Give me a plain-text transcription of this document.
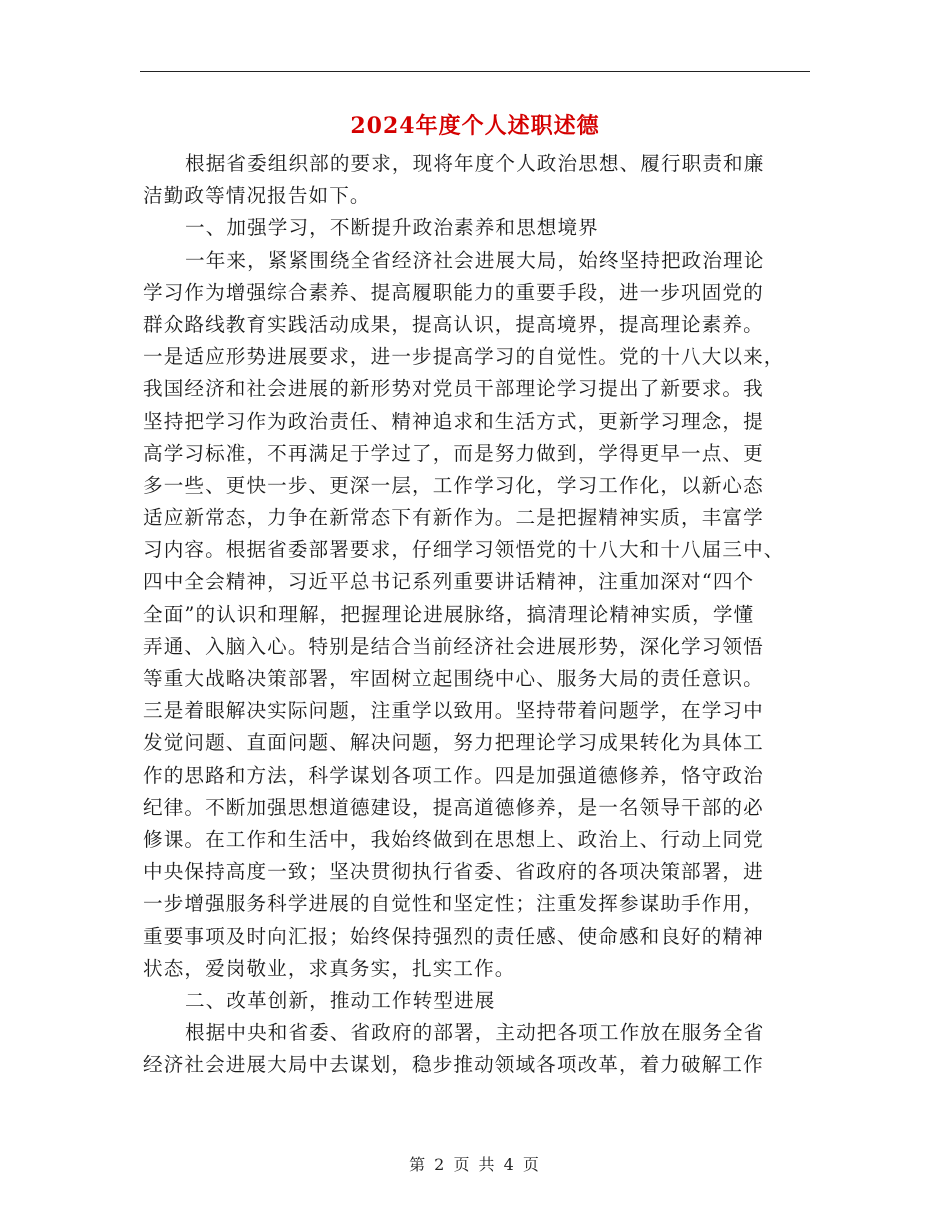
2024年度个人述职述德
根据省委组织部的要求，现将年度个人政治思想、履行职责和廉
洁勤政等情况报告如下。
一、加强学习，不断提升政治素养和思想境界
一年来，紧紧围绕全省经济社会进展大局，始终坚持把政治理论
学习作为增强综合素养、提高履职能力的重要手段，进一步巩固党的
群众路线教育实践活动成果，提高认识，提高境界，提高理论素养。
一是适应形势进展要求，进一步提高学习的自觉性。党的十八大以来，
我国经济和社会进展的新形势对党员干部理论学习提出了新要求。我
坚持把学习作为政治责任、精神追求和生活方式，更新学习理念，提
高学习标准，不再满足于学过了，而是努力做到，学得更早一点、更
多一些、更快一步、更深一层，工作学习化，学习工作化，以新心态
适应新常态，力争在新常态下有新作为。二是把握精神实质，丰富学
习内容。根据省委部署要求，仔细学习领悟党的十八大和十八届三中、
四中全会精神，习近平总书记系列重要讲话精神，注重加深对“四个
全面”的认识和理解，把握理论进展脉络，搞清理论精神实质，学懂
弄通、入脑入心。特别是结合当前经济社会进展形势，深化学习领悟
等重大战略决策部署，牢固树立起围绕中心、服务大局的责任意识。
三是着眼解决实际问题，注重学以致用。坚持带着问题学，在学习中
发觉问题、直面问题、解决问题，努力把理论学习成果转化为具体工
作的思路和方法，科学谋划各项工作。四是加强道德修养，恪守政治
纪律。不断加强思想道德建设，提高道德修养，是一名领导干部的必
修课。在工作和生活中，我始终做到在思想上、政治上、行动上同党
中央保持高度一致；坚决贯彻执行省委、省政府的各项决策部署，进
一步增强服务科学进展的自觉性和坚定性；注重发挥参谋助手作用，
重要事项及时向汇报；始终保持强烈的责任感、使命感和良好的精神
状态，爱岗敬业，求真务实，扎实工作。
二、改革创新，推动工作转型进展
根据中央和省委、省政府的部署，主动把各项工作放在服务全省
经济社会进展大局中去谋划，稳步推动领域各项改革，着力破解工作
第 2 页 共 4 页
